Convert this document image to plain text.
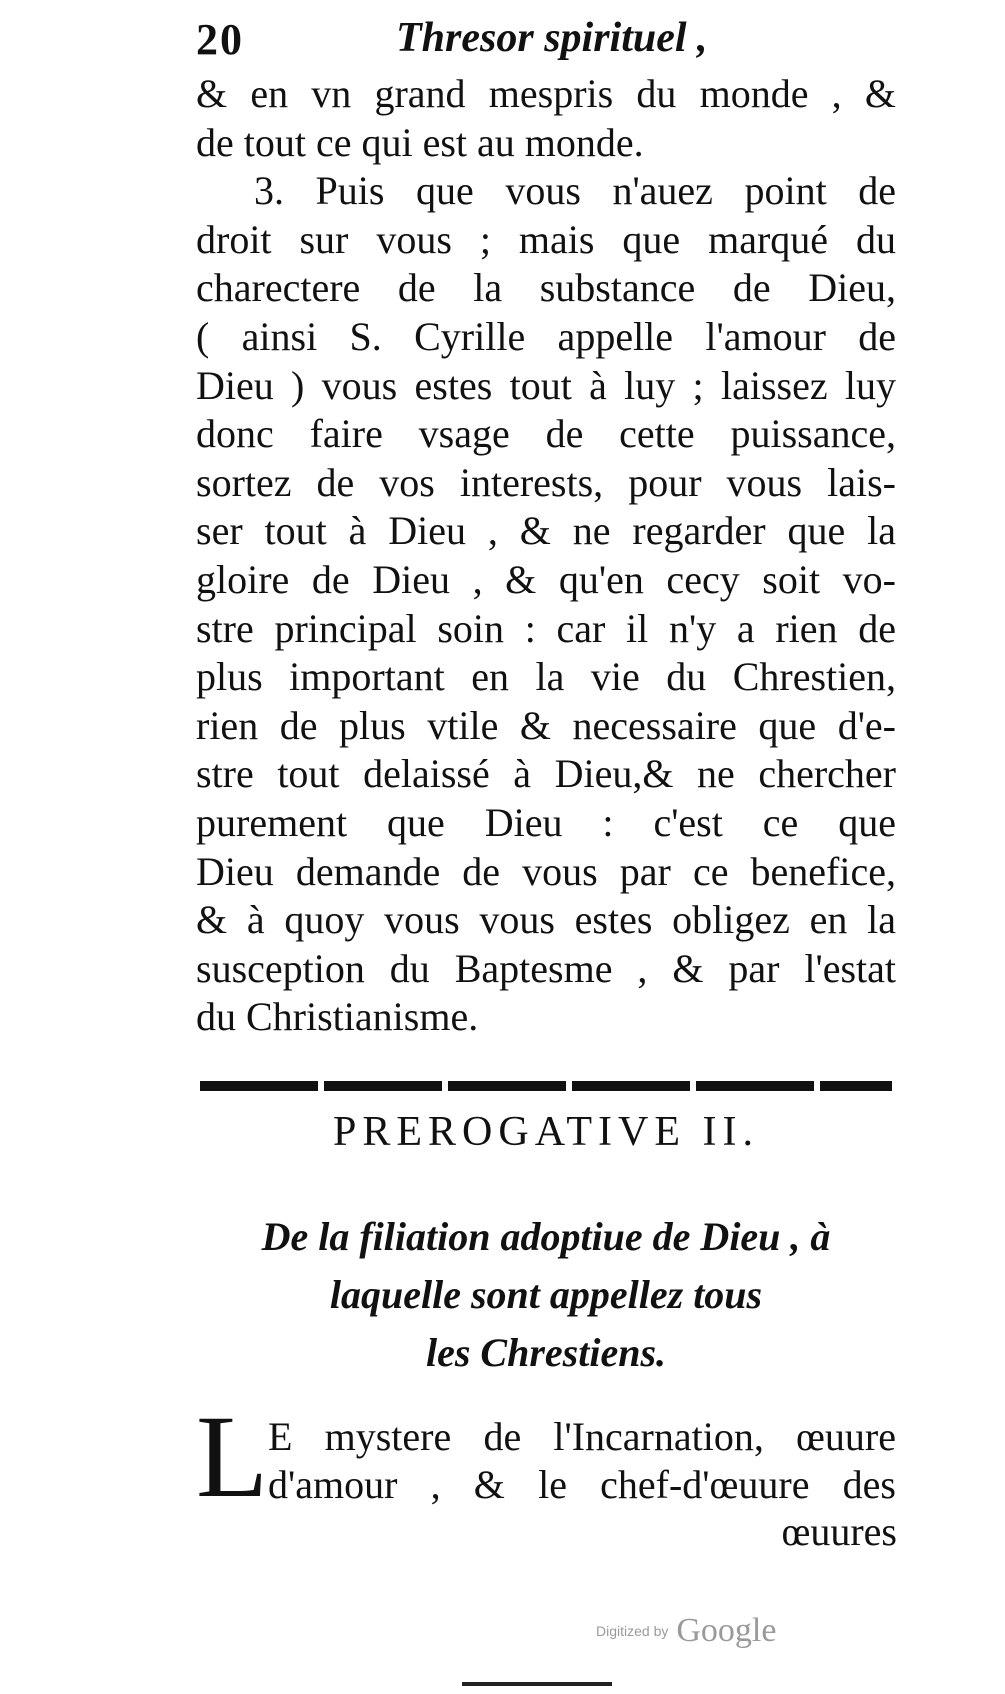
20	Thresor spirituel ,
& en vn grand mespris du monde , &
de tout ce qui est au monde.
3. Puis que vous n'auez point de
droit sur vous ; mais que marqué du
charectere de la substance de Dieu,
( ainsi S. Cyrille appelle l'amour de
Dieu ) vous estes tout à luy ; laissez luy
donc faire vsage de cette puissance,
sortez de vos interests, pour vous lais-
ser tout à Dieu , & ne regarder que la
gloire de Dieu , & qu'en cecy soit vo-
stre principal soin : car il n'y a rien de
plus important en la vie du Chrestien,
rien de plus vtile & necessaire que d'e-
stre tout delaissé à Dieu,& ne chercher
purement que Dieu : c'est ce que
Dieu demande de vous par ce benefice,
& à quoy vous vous estes obligez en la
susception du Baptesme , & par l'estat
du Christianisme.
PREROGATIVE II.
De la filiation adoptiue de Dieu , à
laquelle sont appellez tous
les Chrestiens.
L E mystere de l'Incarnation, œuure
d'amour , & le chef-d'œuure des
œuures
Digitized by Google
